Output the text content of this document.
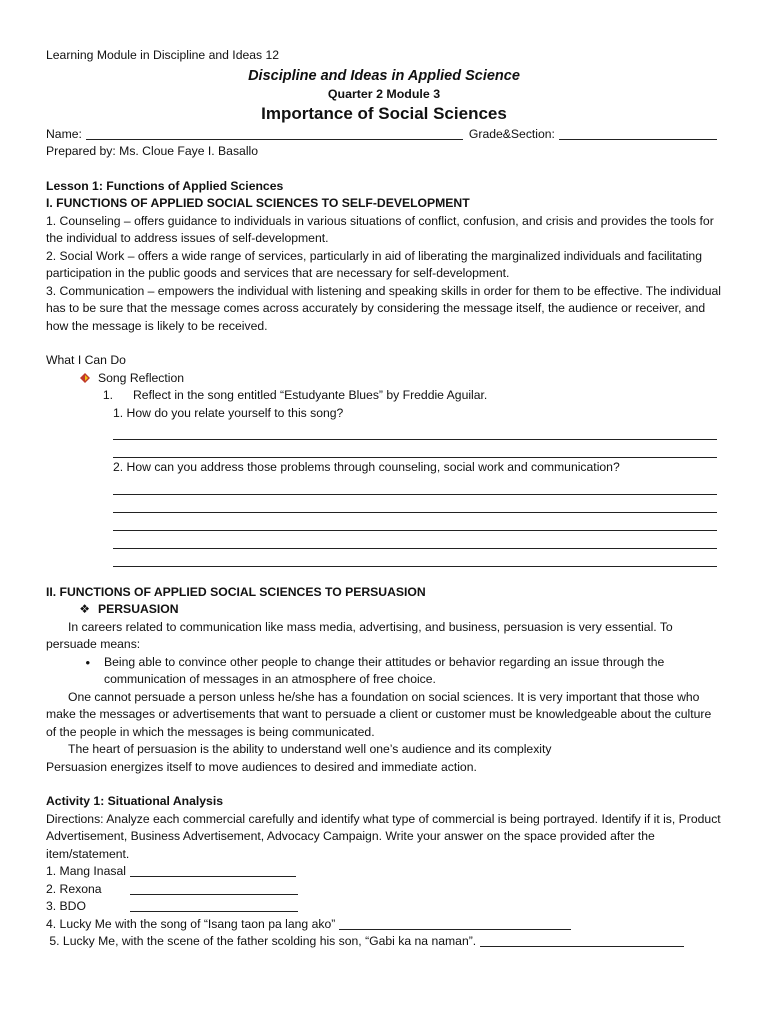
Learning Module in Discipline and Ideas 12
Discipline and Ideas in Applied Science
Quarter 2 Module 3
Importance of Social Sciences
Name:	Grade&Section:
Prepared by: Ms. Cloue Faye I. Basallo
Lesson 1: Functions of Applied Sciences
I. FUNCTIONS OF APPLIED SOCIAL SCIENCES TO SELF-DEVELOPMENT
1. Counseling – offers guidance to individuals in various situations of conflict, confusion, and crisis and provides the tools for the individual to address issues of self-development.
2. Social Work – offers a wide range of services, particularly in aid of liberating the marginalized individuals and facilitating participation in the public goods and services that are necessary for self-development.
3. Communication – empowers the individual with listening and speaking skills in order for them to be effective. The individual has to be sure that the message comes across accurately by considering the message itself, the audience or receiver, and how the message is likely to be received.
What I Can Do
Song Reflection
1.	Reflect in the song entitled “Estudyante Blues” by Freddie Aguilar.
1. How do you relate yourself to this song?
2. How can you address those problems through counseling, social work and communication?
II. FUNCTIONS OF APPLIED SOCIAL SCIENCES TO PERSUASION
❖ PERSUASION
In careers related to communication like mass media, advertising, and business, persuasion is very essential. To persuade means:
•	Being able to convince other people to change their attitudes or behavior regarding an issue through the communication of messages in an atmosphere of free choice.
One cannot persuade a person unless he/she has a foundation on social sciences. It is very important that those who make the messages or advertisements that want to persuade a client or customer must be knowledgeable about the culture of the people in which the messages is being communicated.
The heart of persuasion is the ability to understand well one’s audience and its complexity
Persuasion energizes itself to move audiences to desired and immediate action.
Activity 1: Situational Analysis
Directions: Analyze each commercial carefully and identify what type of commercial is being portrayed. Identify if it is, Product Advertisement, Business Advertisement, Advocacy Campaign. Write your answer on the space provided after the item/statement.
1. Mang Inasal
2. Rexona
3. BDO
4. Lucky Me with the song of “Isang taon pa lang ako”
5. Lucky Me, with the scene of the father scolding his son, “Gabi ka na naman”.
